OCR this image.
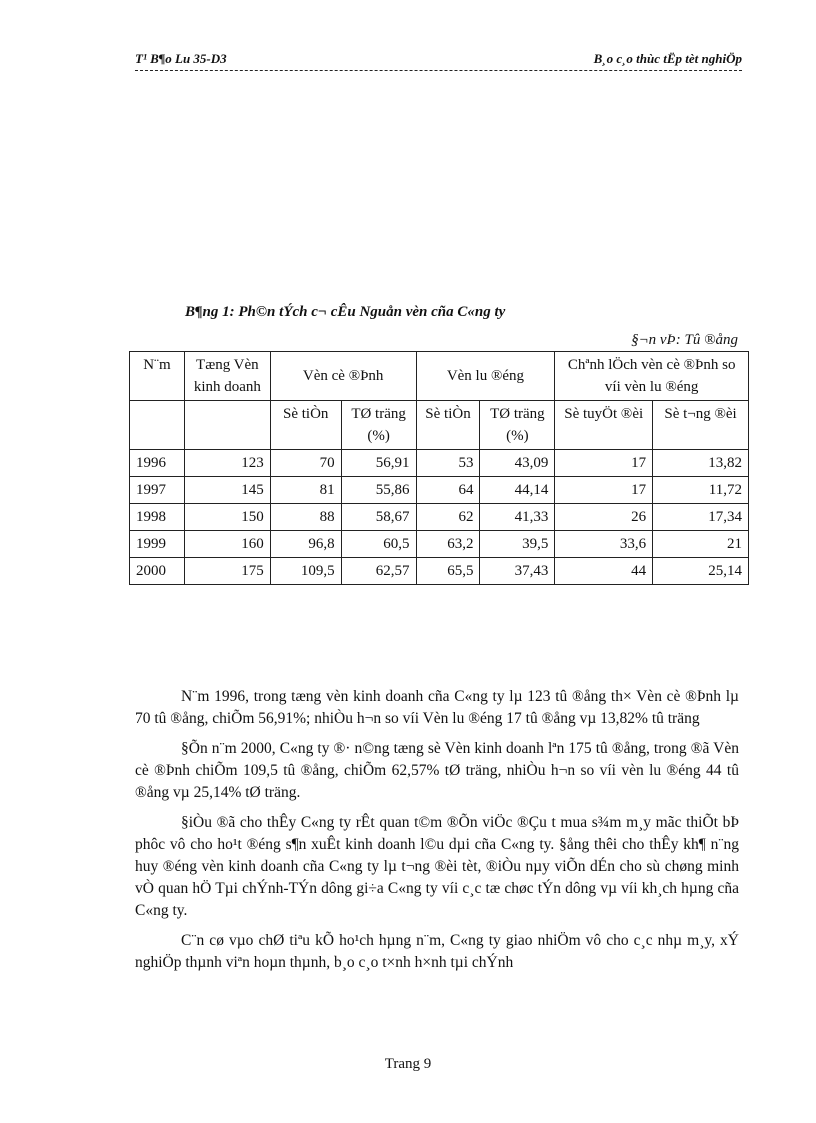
T¹ B¶o Lu 35-D3	B¸o c¸o thùc tËp tèt nghiÖp
B¶ng 1: Ph©n tÝch c¬ cÊu Nguån vèn cña C«ng ty
§¬n vÞ: Tû ®ång
N¨m	Tæng Vèn kinh doanh	Vèn cè ®Þnh		Vèn lu ®éng		Chªnh lÖch vèn cè ®Þnh so víi vèn lu ®éng	
		Sè tiÒn	TØ träng (%)	Sè tiÒn	TØ träng (%)	Sè tuyÖt ®èi	Sè t¬ng ®èi
1996	123	70	56,91	53	43,09	17	13,82
1997	145	81	55,86	64	44,14	17	11,72
1998	150	88	58,67	62	41,33	26	17,34
1999	160	96,8	60,5	63,2	39,5	33,6	21
2000	175	109,5	62,57	65,5	37,43	44	25,14

N¨m 1996, trong tæng vèn kinh doanh cña C«ng ty lµ 123 tû ®ång th× Vèn cè ®Þnh lµ 70 tû ®ång, chiÕm 56,91%; nhiÒu h¬n so víi Vèn lu ®éng 17 tû ®ång vµ 13,82% tû träng

§Õn n¨m 2000, C«ng ty ®· n©ng tæng sè Vèn kinh doanh lªn 175 tû ®ång, trong ®ã Vèn cè ®Þnh chiÕm 109,5 tû ®ång, chiÕm 62,57% tØ träng, nhiÒu h¬n so víi vèn lu ®éng 44 tû ®ång vµ 25,14% tØ träng.

§iÒu ®ã cho thÊy C«ng ty rÊt quan t©m ®Õn viÖc ®Çu t mua s¾m m¸y mãc thiÕt bÞ phôc vô cho ho¹t ®éng s¶n xuÊt kinh doanh l©u dµi cña C«ng ty. §ång thêi cho thÊy kh¶ n¨ng huy ®éng vèn kinh doanh cña C«ng ty lµ t¬ng ®èi tèt, ®iÒu nµy viÕn dÉn cho sù chøng minh vÒ quan hÖ Tµi chÝnh-TÝn dông gi÷a C«ng ty víi c¸c tæ chøc tÝn dông vµ víi kh¸ch hµng cña C«ng ty.

C¨n cø vµo chØ tiªu kÕ ho¹ch hµng n¨m, C«ng ty giao nhiÖm vô cho c¸c nhµ m¸y, xÝ nghiÖp thµnh viªn hoµn thµnh, b¸o c¸o t×nh h×nh tµi chÝnh

Trang 9
